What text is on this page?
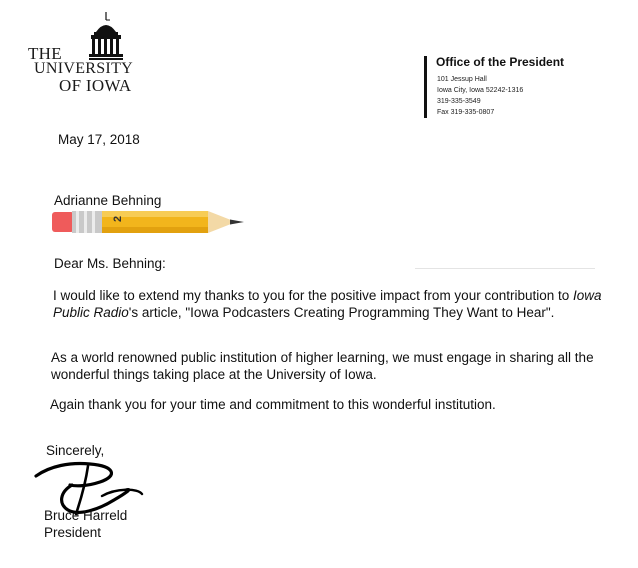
THE
UNIVERSITY
OF IOWA
Office of the President
101 Jessup Hall
Iowa City, Iowa 52242-1316
319-335-3549
Fax 319-335-0807
May 17, 2018
Adrianne Behning
2
Dear Ms. Behning:
I would like to extend my thanks to you for the positive impact from your contribution to Iowa Public Radio's article, "Iowa Podcasters Creating Programming They Want to Hear".
As a world renowned public institution of higher learning, we must engage in sharing all the wonderful things taking place at the University of Iowa.
Again thank you for your time and commitment to this wonderful institution.
Sincerely,
Bruce Harreld
President
